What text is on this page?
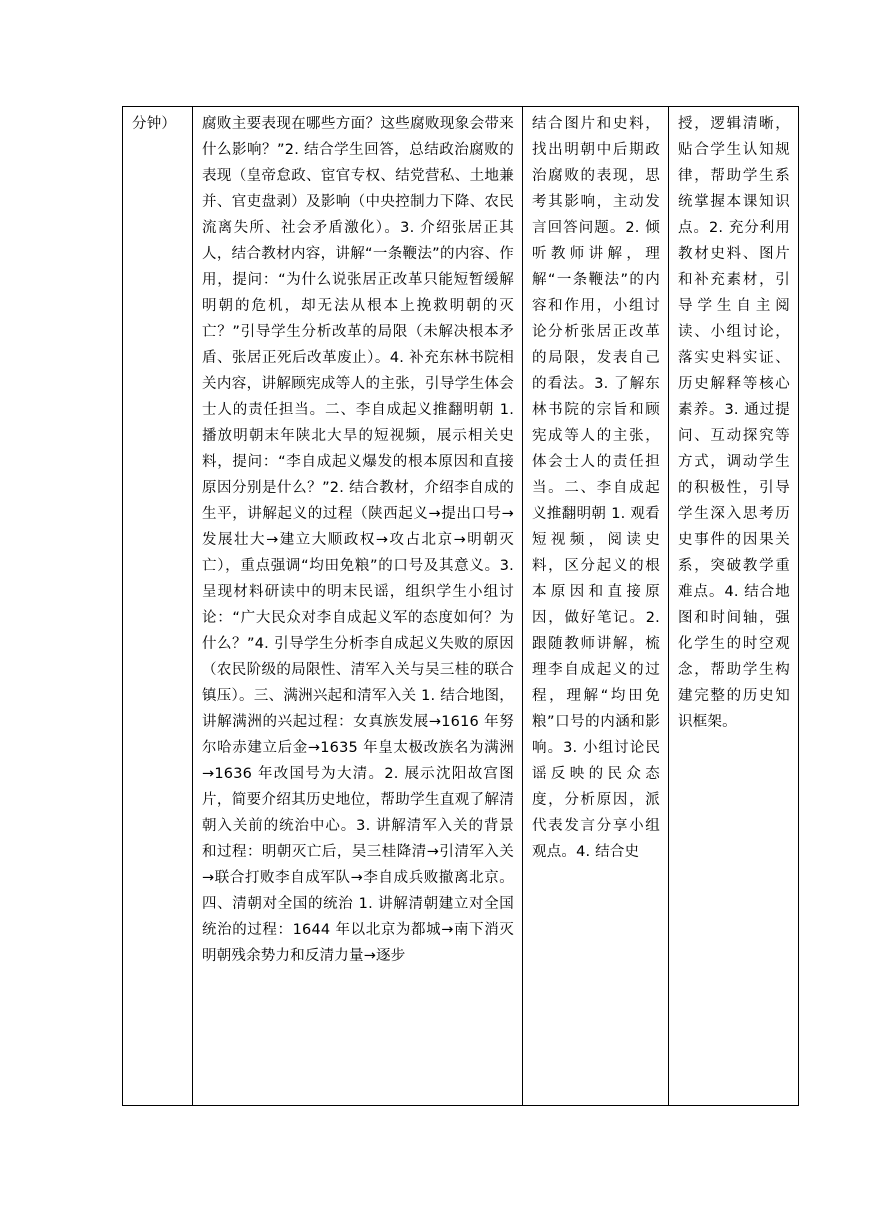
分钟）	腐败主要表现在哪些方面？这些腐败现象会带来什么影响？”2. 结合学生回答，总结政治腐败的表现（皇帝怠政、宦官专权、结党营私、土地兼并、官吏盘剥）及影响（中央控制力下降、农民流离失所、社会矛盾激化）。3. 介绍张居正其人，结合教材内容，讲解“一条鞭法”的内容、作用，提问：“为什么说张居正改革只能短暂缓解明朝的危机，却无法从根本上挽救明朝的灭亡？”引导学生分析改革的局限（未解决根本矛盾、张居正死后改革废止）。4. 补充东林书院相关内容，讲解顾宪成等人的主张，引导学生体会士人的责任担当。二、李自成起义推翻明朝 1. 播放明朝末年陕北大旱的短视频，展示相关史料，提问：“李自成起义爆发的根本原因和直接原因分别是什么？”2. 结合教材，介绍李自成的生平，讲解起义的过程（陕西起义→提出口号→发展壮大→建立大顺政权→攻占北京→明朝灭亡），重点强调“均田免粮”的口号及其意义。3. 呈现材料研读中的明末民谣，组织学生小组讨论：“广大民众对李自成起义军的态度如何？为什么？”4. 引导学生分析李自成起义失败的原因（农民阶级的局限性、清军入关与吴三桂的联合镇压）。三、满洲兴起和清军入关 1. 结合地图，讲解满洲的兴起过程：女真族发展→1616 年努尔哈赤建立后金→1635 年皇太极改族名为满洲→1636 年改国号为大清。2. 展示沈阳故宫图片，简要介绍其历史地位，帮助学生直观了解清朝入关前的统治中心。3. 讲解清军入关的背景和过程：明朝灭亡后，吴三桂降清→引清军入关→联合打败李自成军队→李自成兵败撤离北京。四、清朝对全国的统治 1. 讲解清朝建立对全国统治的过程：1644 年以北京为都城→南下消灭明朝残余势力和反清力量→逐步	结合图片和史料，找出明朝中后期政治腐败的表现，思考其影响，主动发言回答问题。2. 倾听教师讲解，理解“一条鞭法”的内容和作用，小组讨论分析张居正改革的局限，发表自己的看法。3. 了解东林书院的宗旨和顾宪成等人的主张，体会士人的责任担当。二、李自成起义推翻明朝 1. 观看短视频，阅读史料，区分起义的根本原因和直接原因，做好笔记。2. 跟随教师讲解，梳理李自成起义的过程，理解“均田免粮”口号的内涵和影响。3. 小组讨论民谣反映的民众态度，分析原因，派代表发言分享小组观点。4. 结合史	授，逻辑清晰，贴合学生认知规律，帮助学生系统掌握本课知识点。2. 充分利用教材史料、图片和补充素材，引导学生自主阅读、小组讨论，落实史料实证、历史解释等核心素养。3. 通过提问、互动探究等方式，调动学生的积极性，引导学生深入思考历史事件的因果关系，突破教学重难点。4. 结合地图和时间轴，强化学生的时空观念，帮助学生构建完整的历史知识框架。
